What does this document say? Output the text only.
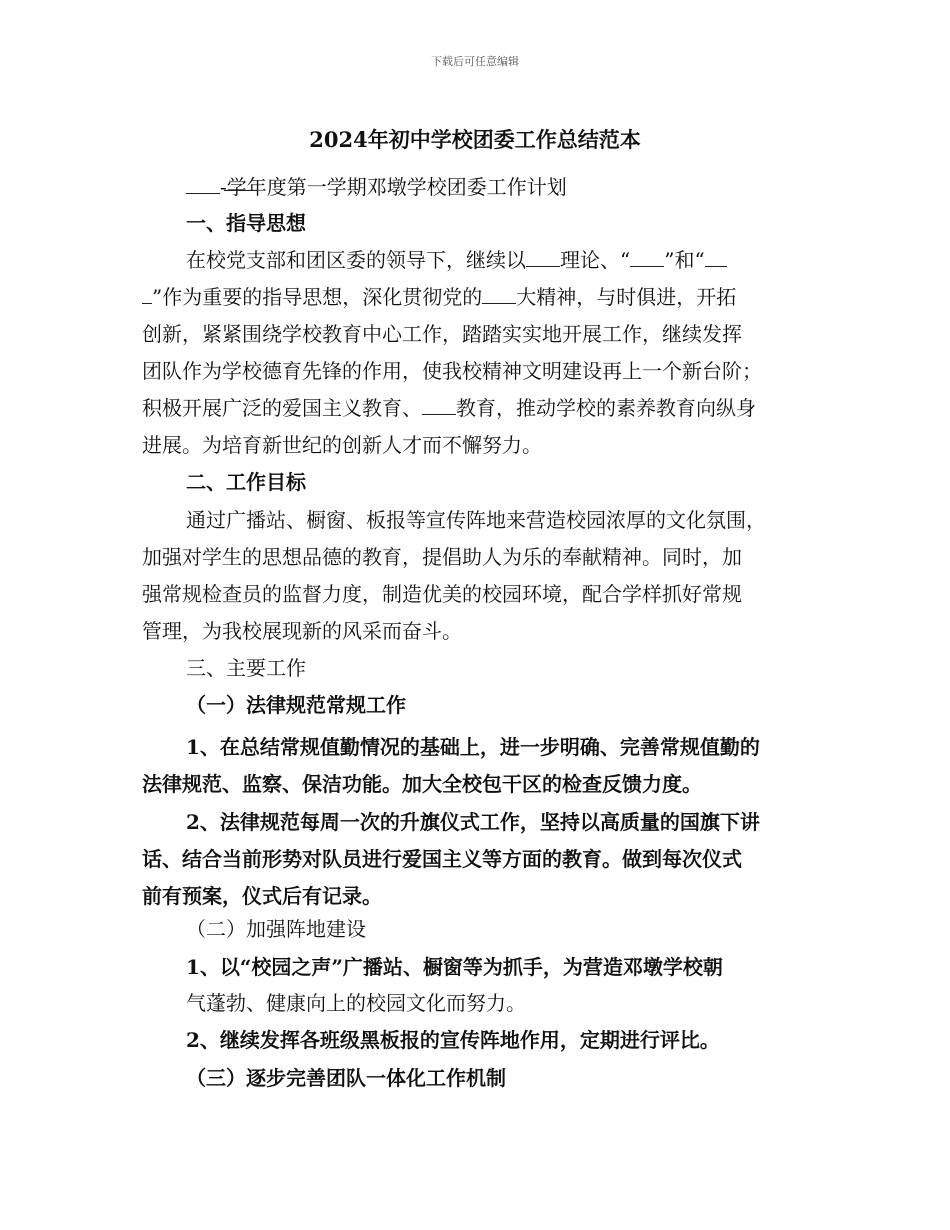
下载后可任意编辑
2024年初中学校团委工作总结范本
-学年度第一学期邓墩学校团委工作计划
一、指导思想
在校党支部和团区委的领导下，继续以 理论、“ ”和“
”作为重要的指导思想，深化贯彻党的 大精神，与时俱进，开拓
创新，紧紧围绕学校教育中心工作，踏踏实实地开展工作，继续发挥
团队作为学校德育先锋的作用，使我校精神文明建设再上一个新台阶；
积极开展广泛的爱国主义教育、 教育，推动学校的素养教育向纵身
进展。为培育新世纪的创新人才而不懈努力。
二、工作目标
通过广播站、橱窗、板报等宣传阵地来营造校园浓厚的文化氛围，
加强对学生的思想品德的教育，提倡助人为乐的奉献精神。同时，加
强常规检查员的监督力度，制造优美的校园环境，配合学样抓好常规
管理，为我校展现新的风采而奋斗。
三、主要工作
（一）法律规范常规工作
1、在总结常规值勤情况的基础上，进一步明确、完善常规值勤的
法律规范、监察、保洁功能。加大全校包干区的检查反馈力度。
2、法律规范每周一次的升旗仪式工作，坚持以高质量的国旗下讲
话、结合当前形势对队员进行爱国主义等方面的教育。做到每次仪式
前有预案，仪式后有记录。
（二）加强阵地建设
1、以“校园之声”广播站、橱窗等为抓手，为营造邓墩学校朝
气蓬勃、健康向上的校园文化而努力。
2、继续发挥各班级黑板报的宣传阵地作用，定期进行评比。
（三）逐步完善团队一体化工作机制
